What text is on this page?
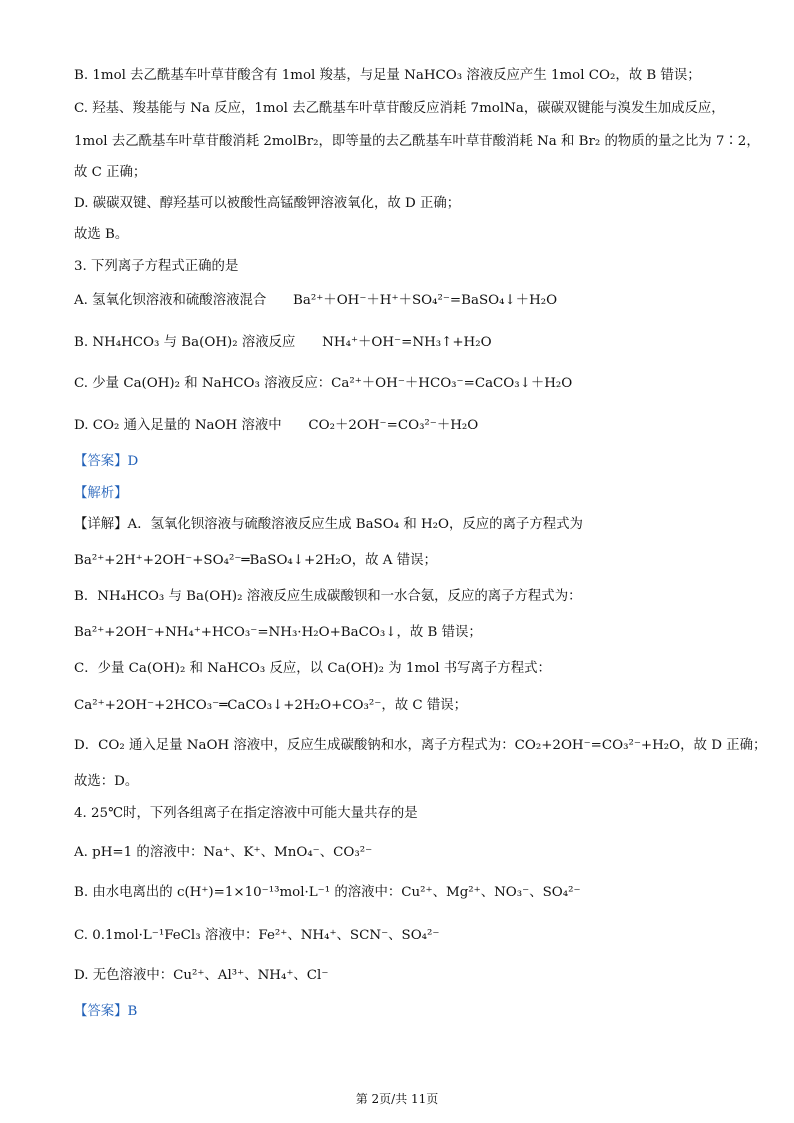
B. 1mol 去乙酰基车叶草苷酸含有 1mol 羧基，与足量 NaHCO₃ 溶液反应产生 1mol CO₂，故 B 错误；
C. 羟基、羧基能与 Na 反应，1mol 去乙酰基车叶草苷酸反应消耗 7molNa，碳碳双键能与溴发生加成反应，
1mol 去乙酰基车叶草苷酸消耗 2molBr₂，即等量的去乙酰基车叶草苷酸消耗 Na 和 Br₂ 的物质的量之比为 7∶2，
故 C 正确；
D. 碳碳双键、醇羟基可以被酸性高锰酸钾溶液氧化，故 D 正确；
故选 B。
3. 下列离子方程式正确的是
A. 氢氧化钡溶液和硫酸溶液混合　　Ba²⁺＋OH⁻＋H⁺＋SO₄²⁻=BaSO₄↓＋H₂O
B. NH₄HCO₃ 与 Ba(OH)₂ 溶液反应　　NH₄⁺＋OH⁻=NH₃↑+H₂O
C. 少量 Ca(OH)₂ 和 NaHCO₃ 溶液反应：Ca²⁺＋OH⁻＋HCO₃⁻=CaCO₃↓＋H₂O
D. CO₂ 通入足量的 NaOH 溶液中　　CO₂＋2OH⁻=CO₃²⁻＋H₂O
【答案】D
【解析】
【详解】A．氢氧化钡溶液与硫酸溶液反应生成 BaSO₄ 和 H₂O，反应的离子方程式为
Ba²⁺+2H⁺+2OH⁻+SO₄²⁻═BaSO₄↓+2H₂O，故 A 错误；
B．NH₄HCO₃ 与 Ba(OH)₂ 溶液反应生成碳酸钡和一水合氨，反应的离子方程式为：
Ba²⁺+2OH⁻+NH₄⁺+HCO₃⁻=NH₃·H₂O+BaCO₃↓，故 B 错误；
C．少量 Ca(OH)₂ 和 NaHCO₃ 反应，以 Ca(OH)₂ 为 1mol 书写离子方程式：
Ca²⁺+2OH⁻+2HCO₃⁻═CaCO₃↓+2H₂O+CO₃²⁻，故 C 错误；
D．CO₂ 通入足量 NaOH 溶液中，反应生成碳酸钠和水，离子方程式为：CO₂+2OH⁻=CO₃²⁻+H₂O，故 D 正确；
故选：D。
4. 25℃时，下列各组离子在指定溶液中可能大量共存的是
A. pH=1 的溶液中：Na⁺、K⁺、MnO₄⁻、CO₃²⁻
B. 由水电离出的 c(H⁺)=1×10⁻¹³mol·L⁻¹ 的溶液中：Cu²⁺、Mg²⁺、NO₃⁻、SO₄²⁻
C. 0.1mol·L⁻¹FeCl₃ 溶液中：Fe²⁺、NH₄⁺、SCN⁻、SO₄²⁻
D. 无色溶液中：Cu²⁺、Al³⁺、NH₄⁺、Cl⁻
【答案】B
第 2页/共 11页
